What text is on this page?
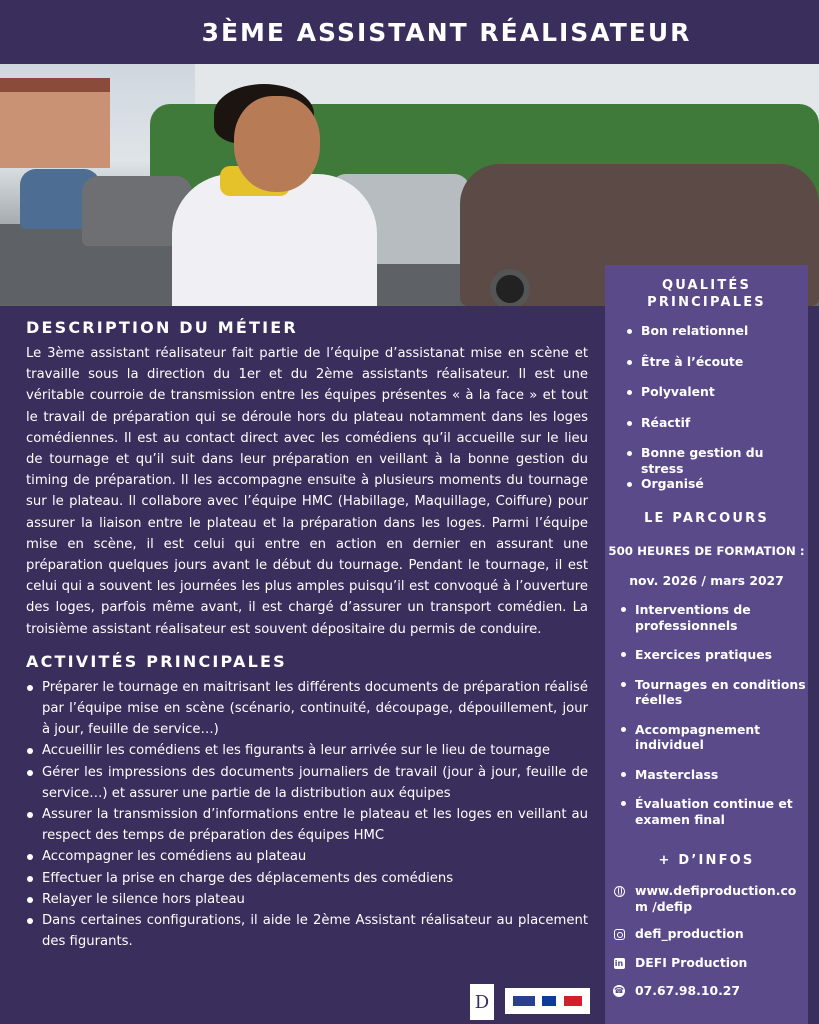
3ÈME ASSISTANT RÉALISATEUR
DESCRIPTION DU MÉTIER

Le 3ème assistant réalisateur fait partie de l’équipe d’assistanat mise en scène et travaille sous la direction du 1er et du 2ème assistants réalisateur. Il est une véritable courroie de transmission entre les équipes présentes « à la face » et tout le travail de préparation qui se déroule hors du plateau notamment dans les loges comédiennes. Il est au contact direct avec les comédiens qu’il accueille sur le lieu de tournage et qu’il suit dans leur préparation en veillant à la bonne gestion du timing de préparation. Il les accompagne ensuite à plusieurs moments du tournage sur le plateau. Il collabore avec l’équipe HMC (Habillage, Maquillage, Coiffure) pour assurer la liaison entre le plateau et la préparation dans les loges. Parmi l’équipe mise en scène, il est celui qui entre en action en dernier en assurant une préparation quelques jours avant le début du tournage. Pendant le tournage, il est celui qui a souvent les journées les plus amples puisqu’il est convoqué à l’ouverture des loges, parfois même avant, il est chargé d’assurer un transport comédien. La troisième assistant réalisateur est souvent dépositaire du permis de conduire.

ACTIVITÉS PRINCIPALES
Préparer le tournage en maitrisant les différents documents de préparation réalisé par l’équipe mise en scène (scénario, continuité, découpage, dépouillement, jour à jour, feuille de service…)
Accueillir les comédiens et les figurants à leur arrivée sur le lieu de tournage
Gérer les impressions des documents journaliers de travail (jour à jour, feuille de service…) et assurer une partie de la distribution aux équipes
Assurer la transmission d’informations entre le plateau et les loges en veillant au respect des temps de préparation des équipes HMC
Accompagner les comédiens au plateau
Effectuer la prise en charge des déplacements des comédiens
Relayer le silence hors plateau
Dans certaines configurations, il aide le 2ème Assistant réalisateur au placement des figurants.
D
QUALITÉS PRINCIPALES
Bon relationnel
Être à l’écoute
Polyvalent
Réactif
Bonne gestion du stress
Organisé
LE PARCOURS
500 HEURES DE FORMATION :
nov. 2026 / mars 2027
Interventions de professionnels
Exercices pratiques
Tournages en conditions réelles
Accompagnement individuel
Masterclass
Évaluation continue et examen final
+ D’INFOS
www.defiproduction.com /defip
defi_production
in DEFI Production
☎ 07.67.98.10.27
